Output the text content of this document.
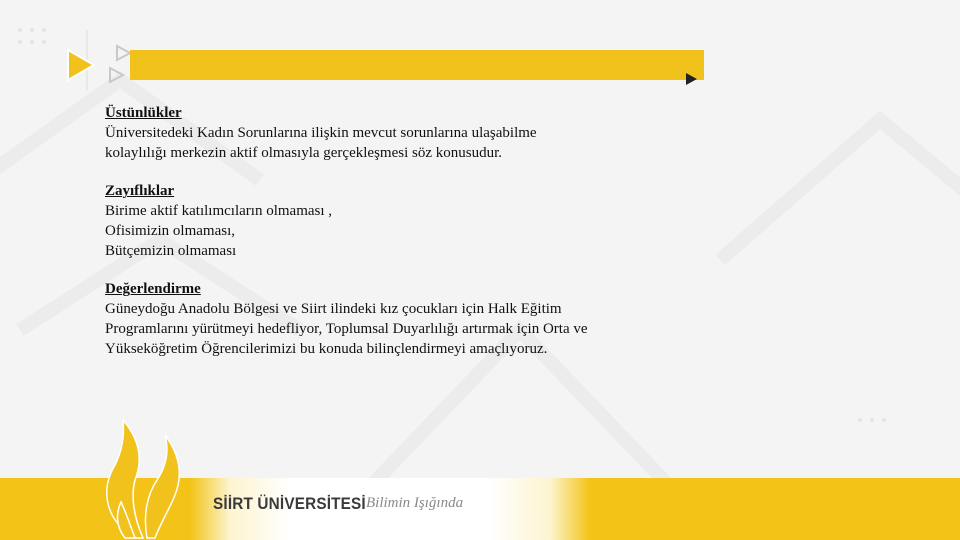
Üstünlükler
Üniversitedeki Kadın Sorunlarına ilişkin mevcut sorunlarına ulaşabilme
kolaylılığı merkezin aktif olmasıyla gerçekleşmesi söz konusudur.
Zayıflıklar
Birime aktif katılımcıların olmaması ,
Ofisimizin olmaması,
Bütçemizin olmaması
Değerlendirme
Güneydoğu Anadolu Bölgesi ve Siirt ilindeki kız çocukları için Halk Eğitim
Programlarını yürütmeyi hedefliyor, Toplumsal Duyarlılığı artırmak için Orta ve
Yükseköğretim Öğrencilerimizi bu konuda bilinçlendirmeyi amaçlıyoruz.
SİİRT ÜNİVERSİTESİ Bilimin Işığında
